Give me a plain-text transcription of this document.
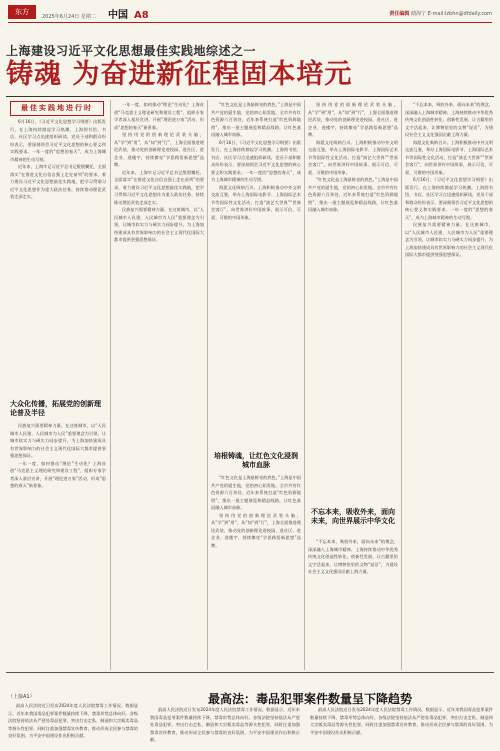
东方
2025年6月24日 星期二 中国 A8	责任编辑 储海宁 E-mail:lzbhn@dfdaily.com
上海建设习近平文化思想最佳实践地综述之一
铸魂 为奋进新征程固本培元
最佳实践地进行时

6月16日，《习近平文化思想学习纲要》出版发行，在上海持续掀起学习热潮。上海图书馆、书店、社区学习点迅速组织研读，党员干部和群众纷纷表示，要深刻领会习近平文化思想的核心要义和实践要求。一年一度的“思想的春天”，成为上海城市精神的生动写照。

近年来，上海牢记习近平总书记殷殷嘱托，全面落实“在推进文化自信自强上走在前列”的要求，着力建设习近平文化思想最佳实践地，把学习贯彻习近平文化思想作为重大政治任务，持续推动理论武装走深走实。

大众化传播，拓展党的创新理论普及半径

民族复兴需要精神力量。在这座城市，以“人民城市人民建，人民城市为人民”重要理念为引领，让城市软实力与硬实力同步提升，为上海加快建成具有世界影响力的社会主义现代化国际大都市提供坚强思想保证。

一年一度，如何推动“理论”生动化？上海首创“马克思主义理论研究和建设工程”，组织专家学者深入基层宣讲，开展“理论进万家”活动，形成“思想的春天”新景象。

一年一度，如何推动“理论”生动化？上海首创“马克思主义理论研究和建设工程”，组织专家学者深入基层宣讲，开展“理论进万家”活动，形成“思想的春天”新景象。

坚持用党的创新理论武装头脑，从“学”到“用”，从“知”到“行”，上海全面推进理论武装，推动党的创新理论进校园、进社区、进企业、进楼宇，持续擦亮“学思践悟新思想”品牌。

近年来，上海牢记习近平总书记殷殷嘱托，全面落实“在推进文化自信自强上走在前列”的要求，着力建设习近平文化思想最佳实践地，把学习贯彻习近平文化思想作为重大政治任务，持续推动理论武装走深走实。

民族复兴需要精神力量。在这座城市，以“人民城市人民建，人民城市为人民”重要理念为引领，让城市软实力与硬实力同步提升，为上海加快建成具有世界影响力的社会主义现代化国际大都市提供坚强思想保证。

“红色文化是上海最鲜亮的底色。”上海是中国共产党的诞生地，党的初心始发地。全市共有红色资源六百余处，近年来系统打造“红色资源地图”，推出一批主题展览和精品线路，让红色基因融入城市血脉。

6月16日，《习近平文化思想学习纲要》出版发行，在上海持续掀起学习热潮。上海图书馆、书店、社区学习点迅速组织研读，党员干部和群众纷纷表示，要深刻领会习近平文化思想的核心要义和实践要求。一年一度的“思想的春天”，成为上海城市精神的生动写照。

海派文化吸纳百川。上海积极推动中外文明交流互鉴，举办上海国际电影节、上海国际艺术节等国际性文化活动，打造“演艺大世界”“世界会客厅”，向世界讲好中国故事，展示可信、可爱、可敬的中国形象。

培根铸魂，让红色文化浸润城市血脉

“红色文化是上海最鲜亮的底色。”上海是中国共产党的诞生地，党的初心始发地。全市共有红色资源六百余处，近年来系统打造“红色资源地图”，推出一批主题展览和精品线路，让红色基因融入城市血脉。

坚持用党的创新理论武装头脑，从“学”到“用”，从“知”到“行”，上海全面推进理论武装，推动党的创新理论进校园、进社区、进企业、进楼宇，持续擦亮“学思践悟新思想”品牌。

坚持用党的创新理论武装头脑，从“学”到“用”，从“知”到“行”，上海全面推进理论武装，推动党的创新理论进校园、进社区、进企业、进楼宇，持续擦亮“学思践悟新思想”品牌。

海派文化吸纳百川。上海积极推动中外文明交流互鉴，举办上海国际电影节、上海国际艺术节等国际性文化活动，打造“演艺大世界”“世界会客厅”，向世界讲好中国故事，展示可信、可爱、可敬的中国形象。

“红色文化是上海最鲜亮的底色。”上海是中国共产党的诞生地，党的初心始发地。全市共有红色资源六百余处，近年来系统打造“红色资源地图”，推出一批主题展览和精品线路，让红色基因融入城市血脉。

不忘本来，吸收外来，面向未来，向世界展示中华文化

“不忘本来，吸收外来，面向未来”的理念，深深融入上海城市精神。上海持续推动中华优秀传统文化创造性转化、创新性发展，让古籍里的文字活起来，让博物馆里的文物“说话”，为建设社会主义文化强国贡献上海力量。

“不忘本来，吸收外来，面向未来”的理念，深深融入上海城市精神。上海持续推动中华优秀传统文化创造性转化、创新性发展，让古籍里的文字活起来，让博物馆里的文物“说话”，为建设社会主义文化强国贡献上海力量。

海派文化吸纳百川。上海积极推动中外文明交流互鉴，举办上海国际电影节、上海国际艺术节等国际性文化活动，打造“演艺大世界”“世界会客厅”，向世界讲好中国故事，展示可信、可爱、可敬的中国形象。

6月16日，《习近平文化思想学习纲要》出版发行，在上海持续掀起学习热潮。上海图书馆、书店、社区学习点迅速组织研读，党员干部和群众纷纷表示，要深刻领会习近平文化思想的核心要义和实践要求。一年一度的“思想的春天”，成为上海城市精神的生动写照。

民族复兴需要精神力量。在这座城市，以“人民城市人民建，人民城市为人民”重要理念为引领，让城市软实力与硬实力同步提升，为上海加快建成具有世界影响力的社会主义现代化国际大都市提供坚强思想保证。

（上接A1）	最高法：毒品犯罪案件数量呈下降趋势

最高人民法院近日发布2024年度人民法院禁毒工作情况。数据显示，近年来我国毒品犯罪案件数量持续下降，禁毒形势总体向好。各级法院坚持依法从严惩处毒品犯罪，突出打击走私、制造和大宗贩卖毒品等源头性犯罪，同时注重加强禁毒宣传教育，推动形成全民参与禁毒的良好氛围，为平安中国建设作出积极贡献。

最高人民法院近日发布2024年度人民法院禁毒工作情况。数据显示，近年来我国毒品犯罪案件数量持续下降，禁毒形势总体向好。各级法院坚持依法从严惩处毒品犯罪，突出打击走私、制造和大宗贩卖毒品等源头性犯罪，同时注重加强禁毒宣传教育，推动形成全民参与禁毒的良好氛围，为平安中国建设作出积极贡献。

最高人民法院近日发布2024年度人民法院禁毒工作情况。数据显示，近年来我国毒品犯罪案件数量持续下降，禁毒形势总体向好。各级法院坚持依法从严惩处毒品犯罪，突出打击走私、制造和大宗贩卖毒品等源头性犯罪，同时注重加强禁毒宣传教育，推动形成全民参与禁毒的良好氛围，为平安中国建设作出积极贡献。
